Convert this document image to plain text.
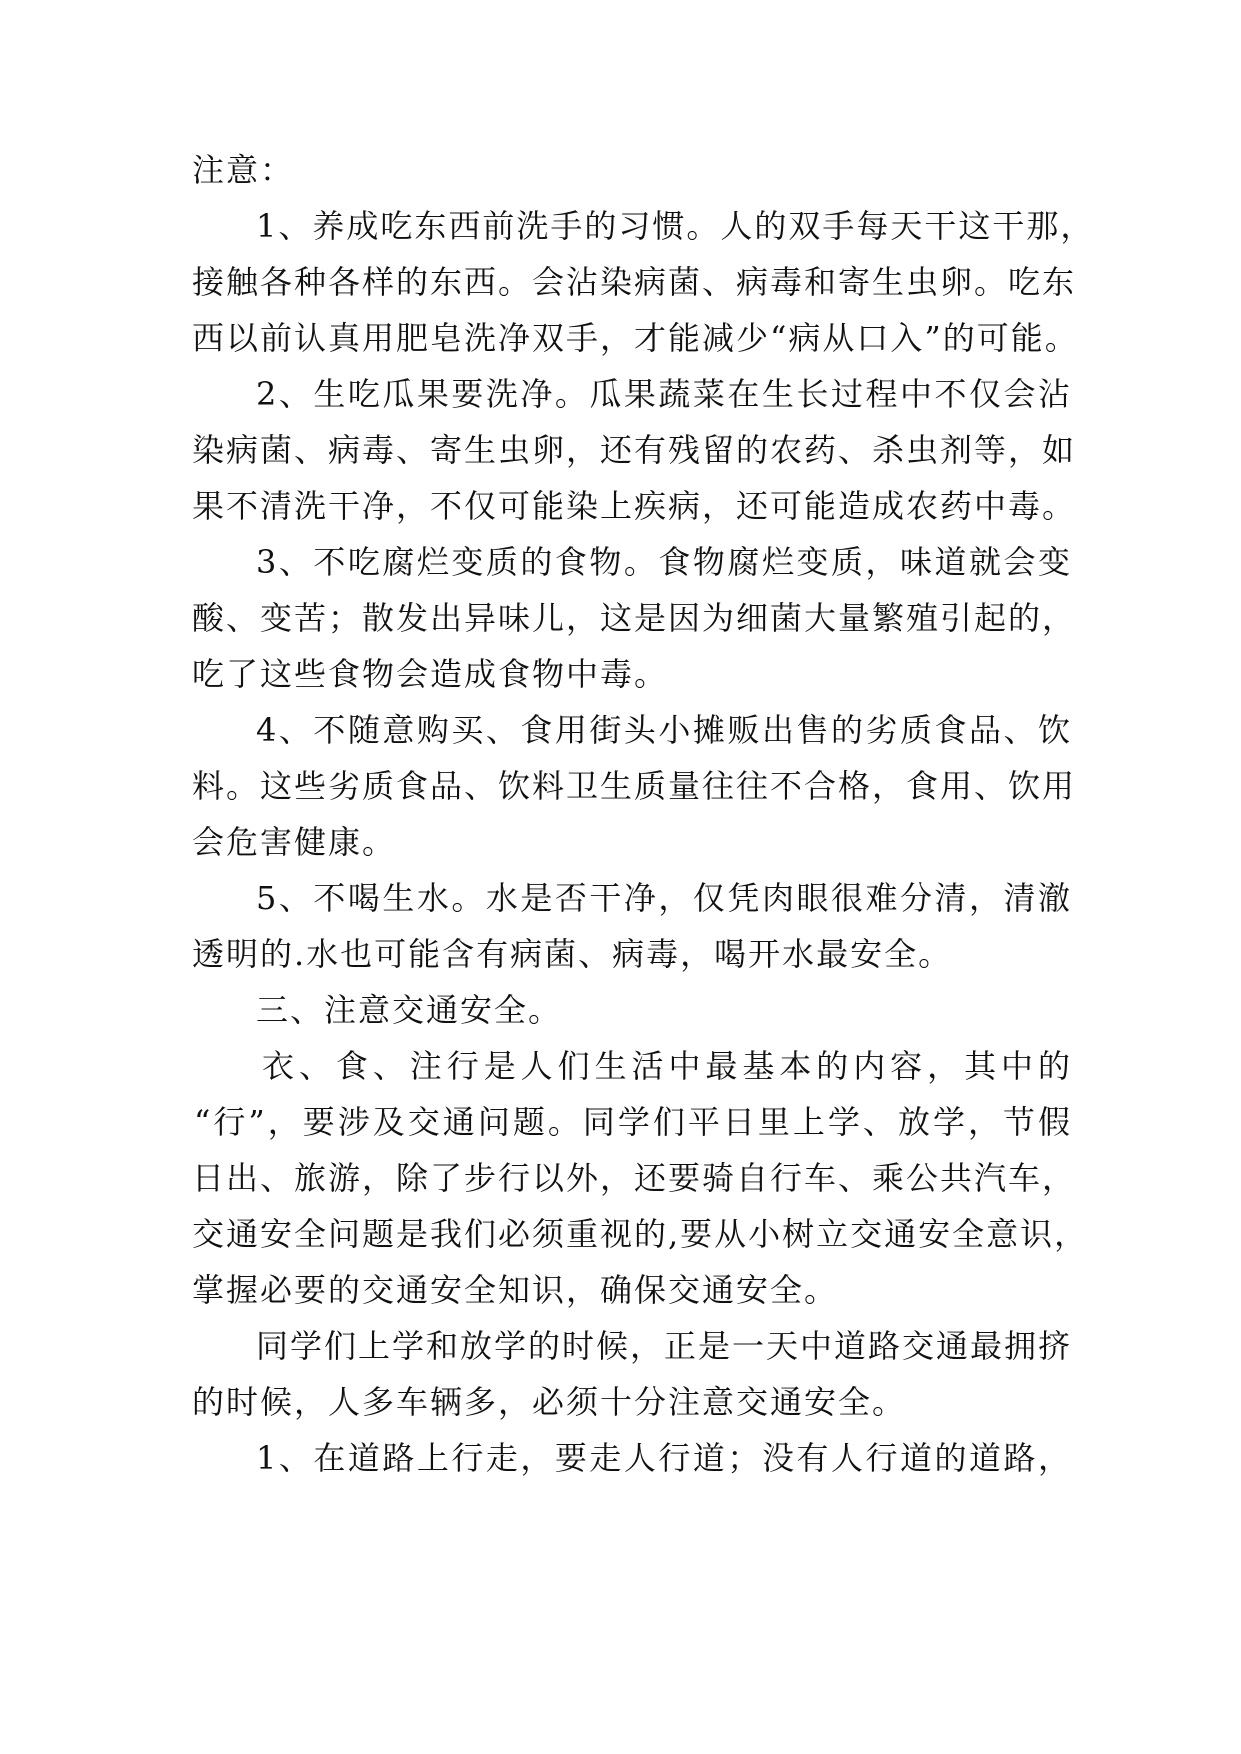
注意：
1、养成吃东西前洗手的习惯。人的双手每天干这干那，
接触各种各样的东西。会沾染病菌、病毒和寄生虫卵。吃东
西以前认真用肥皂洗净双手，才能减少“病从口入”的可能。
2、生吃瓜果要洗净。瓜果蔬菜在生长过程中不仅会沾
染病菌、病毒、寄生虫卵，还有残留的农药、杀虫剂等，如
果不清洗干净，不仅可能染上疾病，还可能造成农药中毒。
3、不吃腐烂变质的食物。食物腐烂变质，味道就会变
酸、变苦；散发出异味儿，这是因为细菌大量繁殖引起的，
吃了这些食物会造成食物中毒。
4、不随意购买、食用街头小摊贩出售的劣质食品、饮
料。这些劣质食品、饮料卫生质量往往不合格，食用、饮用
会危害健康。
5、不喝生水。水是否干净，仅凭肉眼很难分清，清澈
透明的.水也可能含有病菌、病毒，喝开水最安全。
三、注意交通安全。
衣、食、注行是人们生活中最基本的内容，其中的
“行”，要涉及交通问题。同学们平日里上学、放学，节假
日出、旅游，除了步行以外，还要骑自行车、乘公共汽车，
交通安全问题是我们必须重视的,要从小树立交通安全意识，
掌握必要的交通安全知识，确保交通安全。
同学们上学和放学的时候，正是一天中道路交通最拥挤
的时候，人多车辆多，必须十分注意交通安全。
1、在道路上行走，要走人行道；没有人行道的道路，
